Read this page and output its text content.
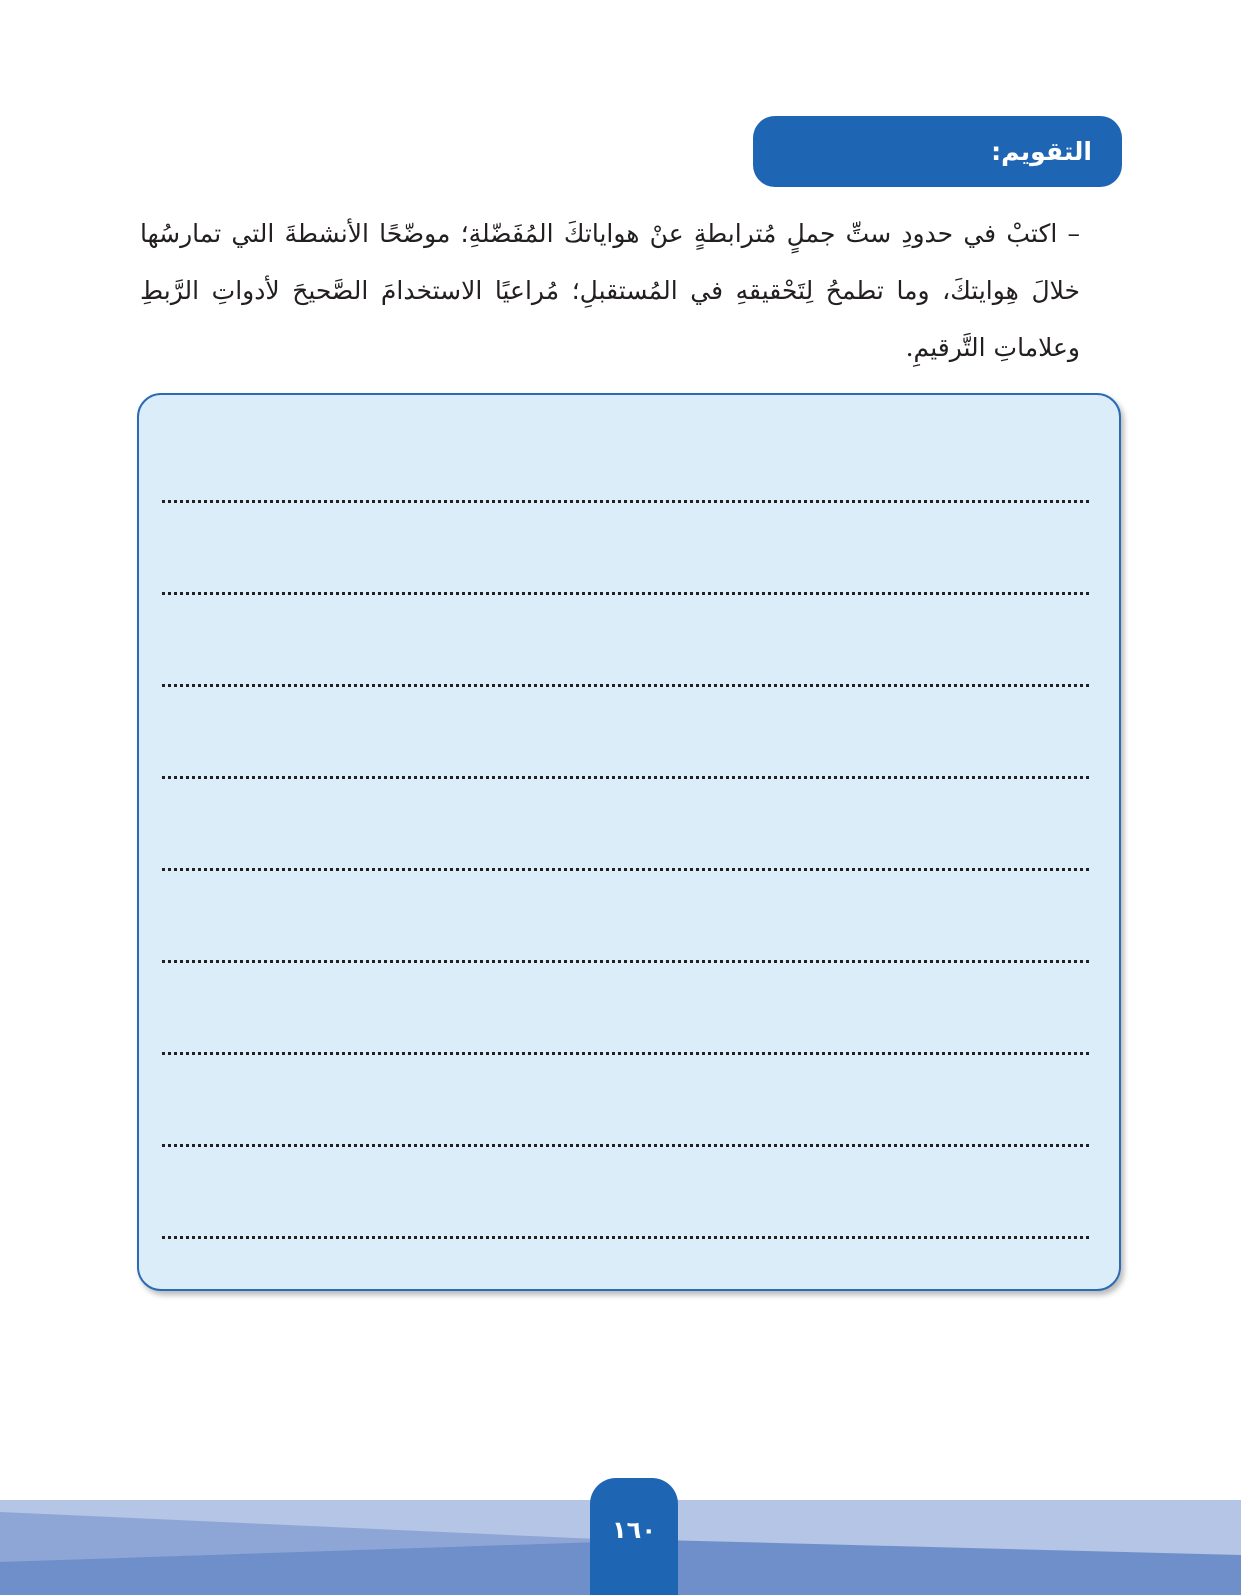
التقويم:

– اكتبْ في حدودِ ستِّ جملٍ مُترابطةٍ عنْ هواياتكَ المُفَضّلةِ؛ موضّحًا الأنشطةَ التي تمارسُها خلالَ هِوايتكَ، وما تطمحُ لِتَحْقيقهِ في المُستقبلِ؛ مُراعيًا الاستخدامَ الصَّحيحَ لأدواتِ الرَّبطِ وعلاماتِ التَّرقيمِ.

١٦٠
